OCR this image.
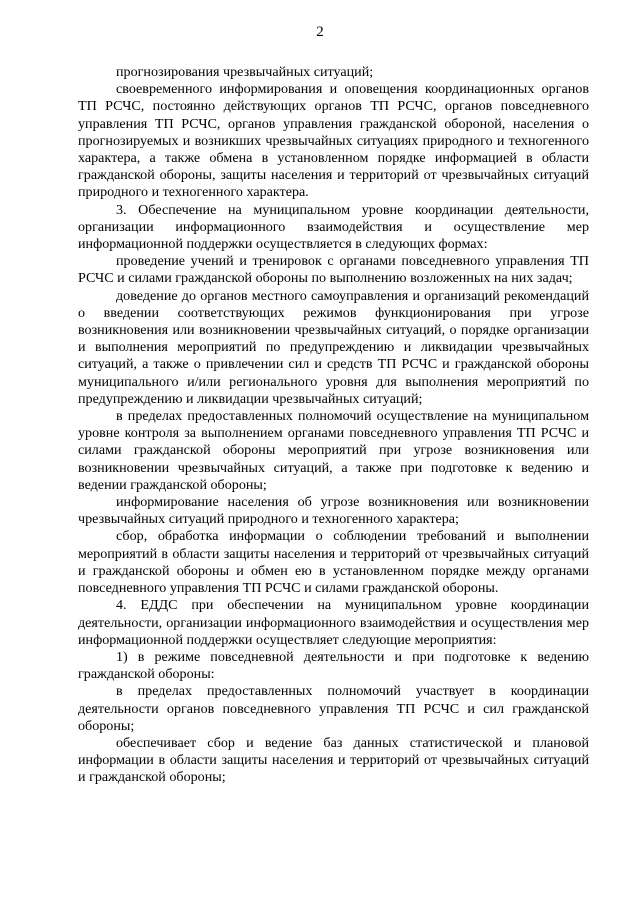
2

прогнозирования чрезвычайных ситуаций;

своевременного информирования и оповещения координационных органов ТП РСЧС, постоянно действующих органов ТП РСЧС, органов повседневного управления ТП РСЧС, органов управления гражданской обороной, населения о прогнозируемых и возникших чрезвычайных ситуациях природного и техногенного характера, а также обмена в установленном порядке информацией в области гражданской обороны, защиты населения и территорий от чрезвычайных ситуаций природного и техногенного характера.

3. Обеспечение на муниципальном уровне координации деятельности, организации информационного взаимодействия и осуществление мер информационной поддержки осуществляется в следующих формах:

проведение учений и тренировок с органами повседневного управления ТП РСЧС и силами гражданской обороны по выполнению возложенных на них задач;

доведение до органов местного самоуправления и организаций рекомендаций о введении соответствующих режимов функционирования при угрозе возникновения или возникновении чрезвычайных ситуаций, о порядке организации и выполнения мероприятий по предупреждению и ликвидации чрезвычайных ситуаций, а также о привлечении сил и средств ТП РСЧС и гражданской обороны муниципального и/или регионального уровня для выполнения мероприятий по предупреждению и ликвидации чрезвычайных ситуаций;

в пределах предоставленных полномочий осуществление на муниципальном уровне контроля за выполнением органами повседневного управления ТП РСЧС и силами гражданской обороны мероприятий при угрозе возникновения или возникновении чрезвычайных ситуаций, а также при подготовке к ведению и ведении гражданской обороны;

информирование населения об угрозе возникновения или возникновении чрезвычайных ситуаций природного и техногенного характера;

сбор, обработка информации о соблюдении требований и выполнении мероприятий в области защиты населения и территорий от чрезвычайных ситуаций и гражданской обороны и обмен ею в установленном порядке между органами повседневного управления ТП РСЧС и силами гражданской обороны.

4. ЕДДС при обеспечении на муниципальном уровне координации деятельности, организации информационного взаимодействия и осуществления мер информационной поддержки осуществляет следующие мероприятия:

1) в режиме повседневной деятельности и при подготовке к ведению гражданской обороны:

в пределах предоставленных полномочий участвует в координации деятельности органов повседневного управления ТП РСЧС и сил гражданской обороны;

обеспечивает сбор и ведение баз данных статистической и плановой информации в области защиты населения и территорий от чрезвычайных ситуаций и гражданской обороны;
